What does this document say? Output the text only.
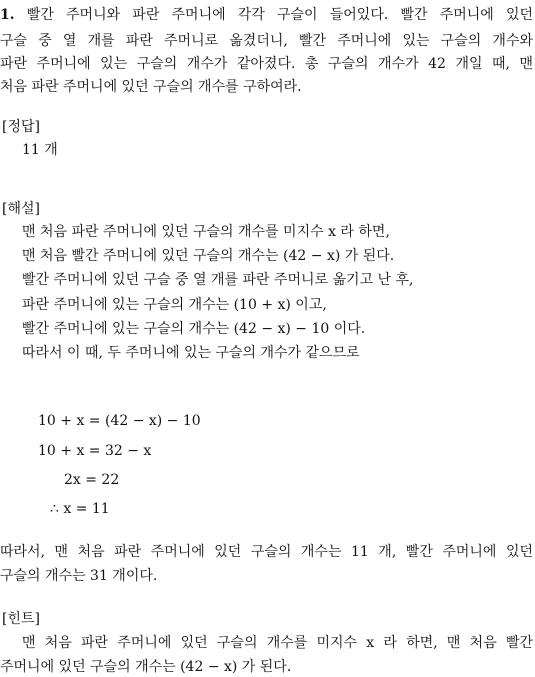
1. 빨간 주머니와 파란 주머니에 각각 구슬이 들어있다. 빨간 주머니에 있던
구슬 중 열 개를 파란 주머니로 옮겼더니, 빨간 주머니에 있는 구슬의 개수와
파란 주머니에 있는 구슬의 개수가 같아졌다. 총 구슬의 개수가 42 개일 때, 맨
처음 파란 주머니에 있던 구슬의 개수를 구하여라.
[정답]
11 개
[해설]
맨 처음 파란 주머니에 있던 구슬의 개수를 미지수 x 라 하면,
맨 처음 빨간 주머니에 있던 구슬의 개수는 (42 − x) 가 된다.
빨간 주머니에 있던 구슬 중 열 개를 파란 주머니로 옮기고 난 후,
파란 주머니에 있는 구슬의 개수는 (10 + x) 이고,
빨간 주머니에 있는 구슬의 개수는 (42 − x) − 10 이다.
따라서 이 때, 두 주머니에 있는 구슬의 개수가 같으므로
10 + x = (42 − x) − 10
10 + x = 32 − x
2x = 22
∴ x = 11
따라서, 맨 처음 파란 주머니에 있던 구슬의 개수는 11 개, 빨간 주머니에 있던
구슬의 개수는 31 개이다.
[힌트]
맨 처음 파란 주머니에 있던 구슬의 개수를 미지수 x 라 하면, 맨 처음 빨간
주머니에 있던 구슬의 개수는 (42 − x) 가 된다.
